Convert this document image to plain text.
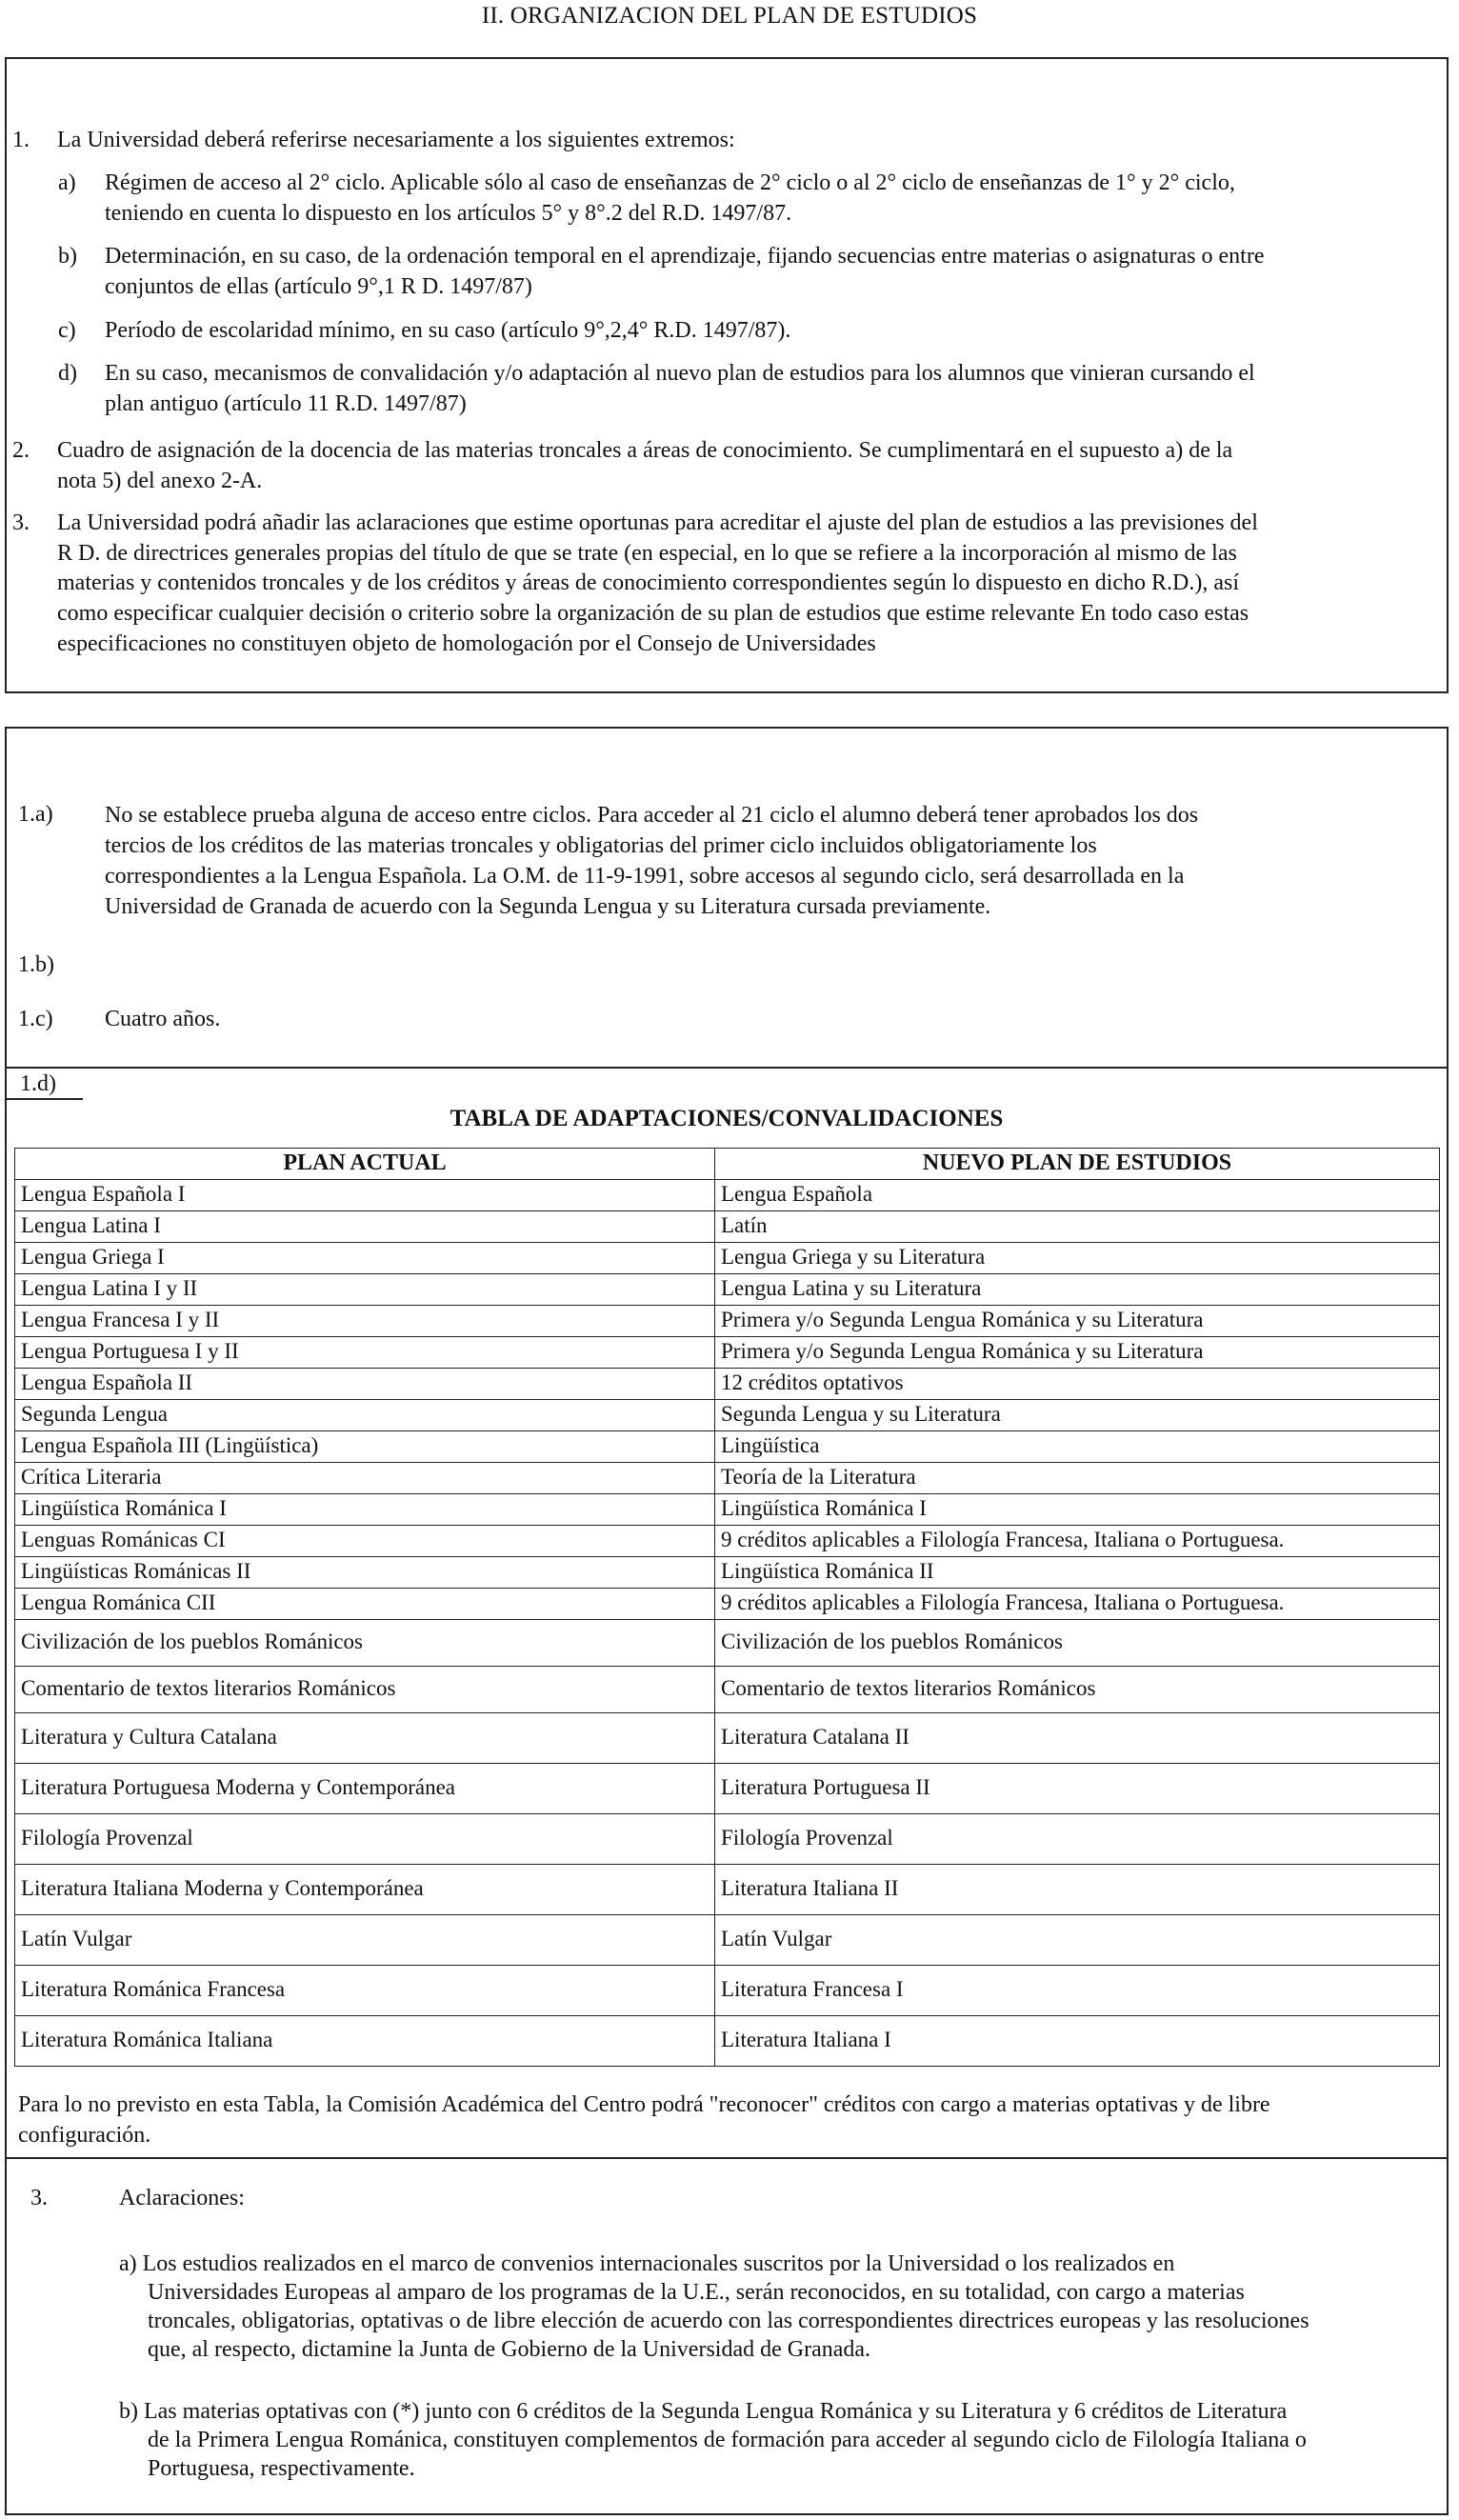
II. ORGANIZACION DEL PLAN DE ESTUDIOS
1. La Universidad deberá referirse necesariamente a los siguientes extremos:
a) Régimen de acceso al 2° ciclo. Aplicable sólo al caso de enseñanzas de 2° ciclo o al 2° ciclo de enseñanzas de 1° y 2° ciclo,
teniendo en cuenta lo dispuesto en los artículos 5° y 8°.2 del R.D. 1497/87.
b) Determinación, en su caso, de la ordenación temporal en el aprendizaje, fijando secuencias entre materias o asignaturas o entre
conjuntos de ellas (artículo 9°,1 R D. 1497/87)
c) Período de escolaridad mínimo, en su caso (artículo 9°,2,4° R.D. 1497/87).
d) En su caso, mecanismos de convalidación y/o adaptación al nuevo plan de estudios para los alumnos que vinieran cursando el
plan antiguo (artículo 11 R.D. 1497/87)
2. Cuadro de asignación de la docencia de las materias troncales a áreas de conocimiento. Se cumplimentará en el supuesto a) de la
nota 5) del anexo 2-A.
3. La Universidad podrá añadir las aclaraciones que estime oportunas para acreditar el ajuste del plan de estudios a las previsiones del
R D. de directrices generales propias del título de que se trate (en especial, en lo que se refiere a la incorporación al mismo de las
materias y contenidos troncales y de los créditos y áreas de conocimiento correspondientes según lo dispuesto en dicho R.D.), así
como especificar cualquier decisión o criterio sobre la organización de su plan de estudios que estime relevante En todo caso estas
especificaciones no constituyen objeto de homologación por el Consejo de Universidades
1.a) No se establece prueba alguna de acceso entre ciclos. Para acceder al 21 ciclo el alumno deberá tener aprobados los dos
tercios de los créditos de las materias troncales y obligatorias del primer ciclo incluidos obligatoriamente los
correspondientes a la Lengua Española. La O.M. de 11-9-1991, sobre accesos al segundo ciclo, será desarrollada en la
Universidad de Granada de acuerdo con la Segunda Lengua y su Literatura cursada previamente.
1.b)
1.c) Cuatro años.
1.d)
TABLA DE ADAPTACIONES/CONVALIDACIONES
PLAN ACTUAL	NUEVO PLAN DE ESTUDIOS
Lengua Española I	Lengua Española
Lengua Latina I	Latín
Lengua Griega I	Lengua Griega y su Literatura
Lengua Latina I y II	Lengua Latina y su Literatura
Lengua Francesa I y II	Primera y/o Segunda Lengua Románica y su Literatura
Lengua Portuguesa I y II	Primera y/o Segunda Lengua Románica y su Literatura
Lengua Española II	12 créditos optativos
Segunda Lengua	Segunda Lengua y su Literatura
Lengua Española III (Lingüística)	Lingüística
Crítica Literaria	Teoría de la Literatura
Lingüística Románica I	Lingüística Románica I
Lenguas Románicas CI	9 créditos aplicables a Filología Francesa, Italiana o Portuguesa.
Lingüísticas Románicas II	Lingüística Románica II
Lengua Románica CII	9 créditos aplicables a Filología Francesa, Italiana o Portuguesa.
Civilización de los pueblos Románicos	Civilización de los pueblos Románicos
Comentario de textos literarios Románicos	Comentario de textos literarios Románicos
Literatura y Cultura Catalana	Literatura Catalana II
Literatura Portuguesa Moderna y Contemporánea	Literatura Portuguesa II
Filología Provenzal	Filología Provenzal
Literatura Italiana Moderna y Contemporánea	Literatura Italiana II
Latín Vulgar	Latín Vulgar
Literatura Románica Francesa	Literatura Francesa I
Literatura Románica Italiana	Literatura Italiana I
Para lo no previsto en esta Tabla, la Comisión Académica del Centro podrá "reconocer" créditos con cargo a materias optativas y de libre
configuración.
3.	Aclaraciones:
a) Los estudios realizados en el marco de convenios internacionales suscritos por la Universidad o los realizados en
Universidades Europeas al amparo de los programas de la U.E., serán reconocidos, en su totalidad, con cargo a materias
troncales, obligatorias, optativas o de libre elección de acuerdo con las correspondientes directrices europeas y las resoluciones
que, al respecto, dictamine la Junta de Gobierno de la Universidad de Granada.
b) Las materias optativas con (*) junto con 6 créditos de la Segunda Lengua Románica y su Literatura y 6 créditos de Literatura
de la Primera Lengua Románica, constituyen complementos de formación para acceder al segundo ciclo de Filología Italiana o
Portuguesa, respectivamente.
